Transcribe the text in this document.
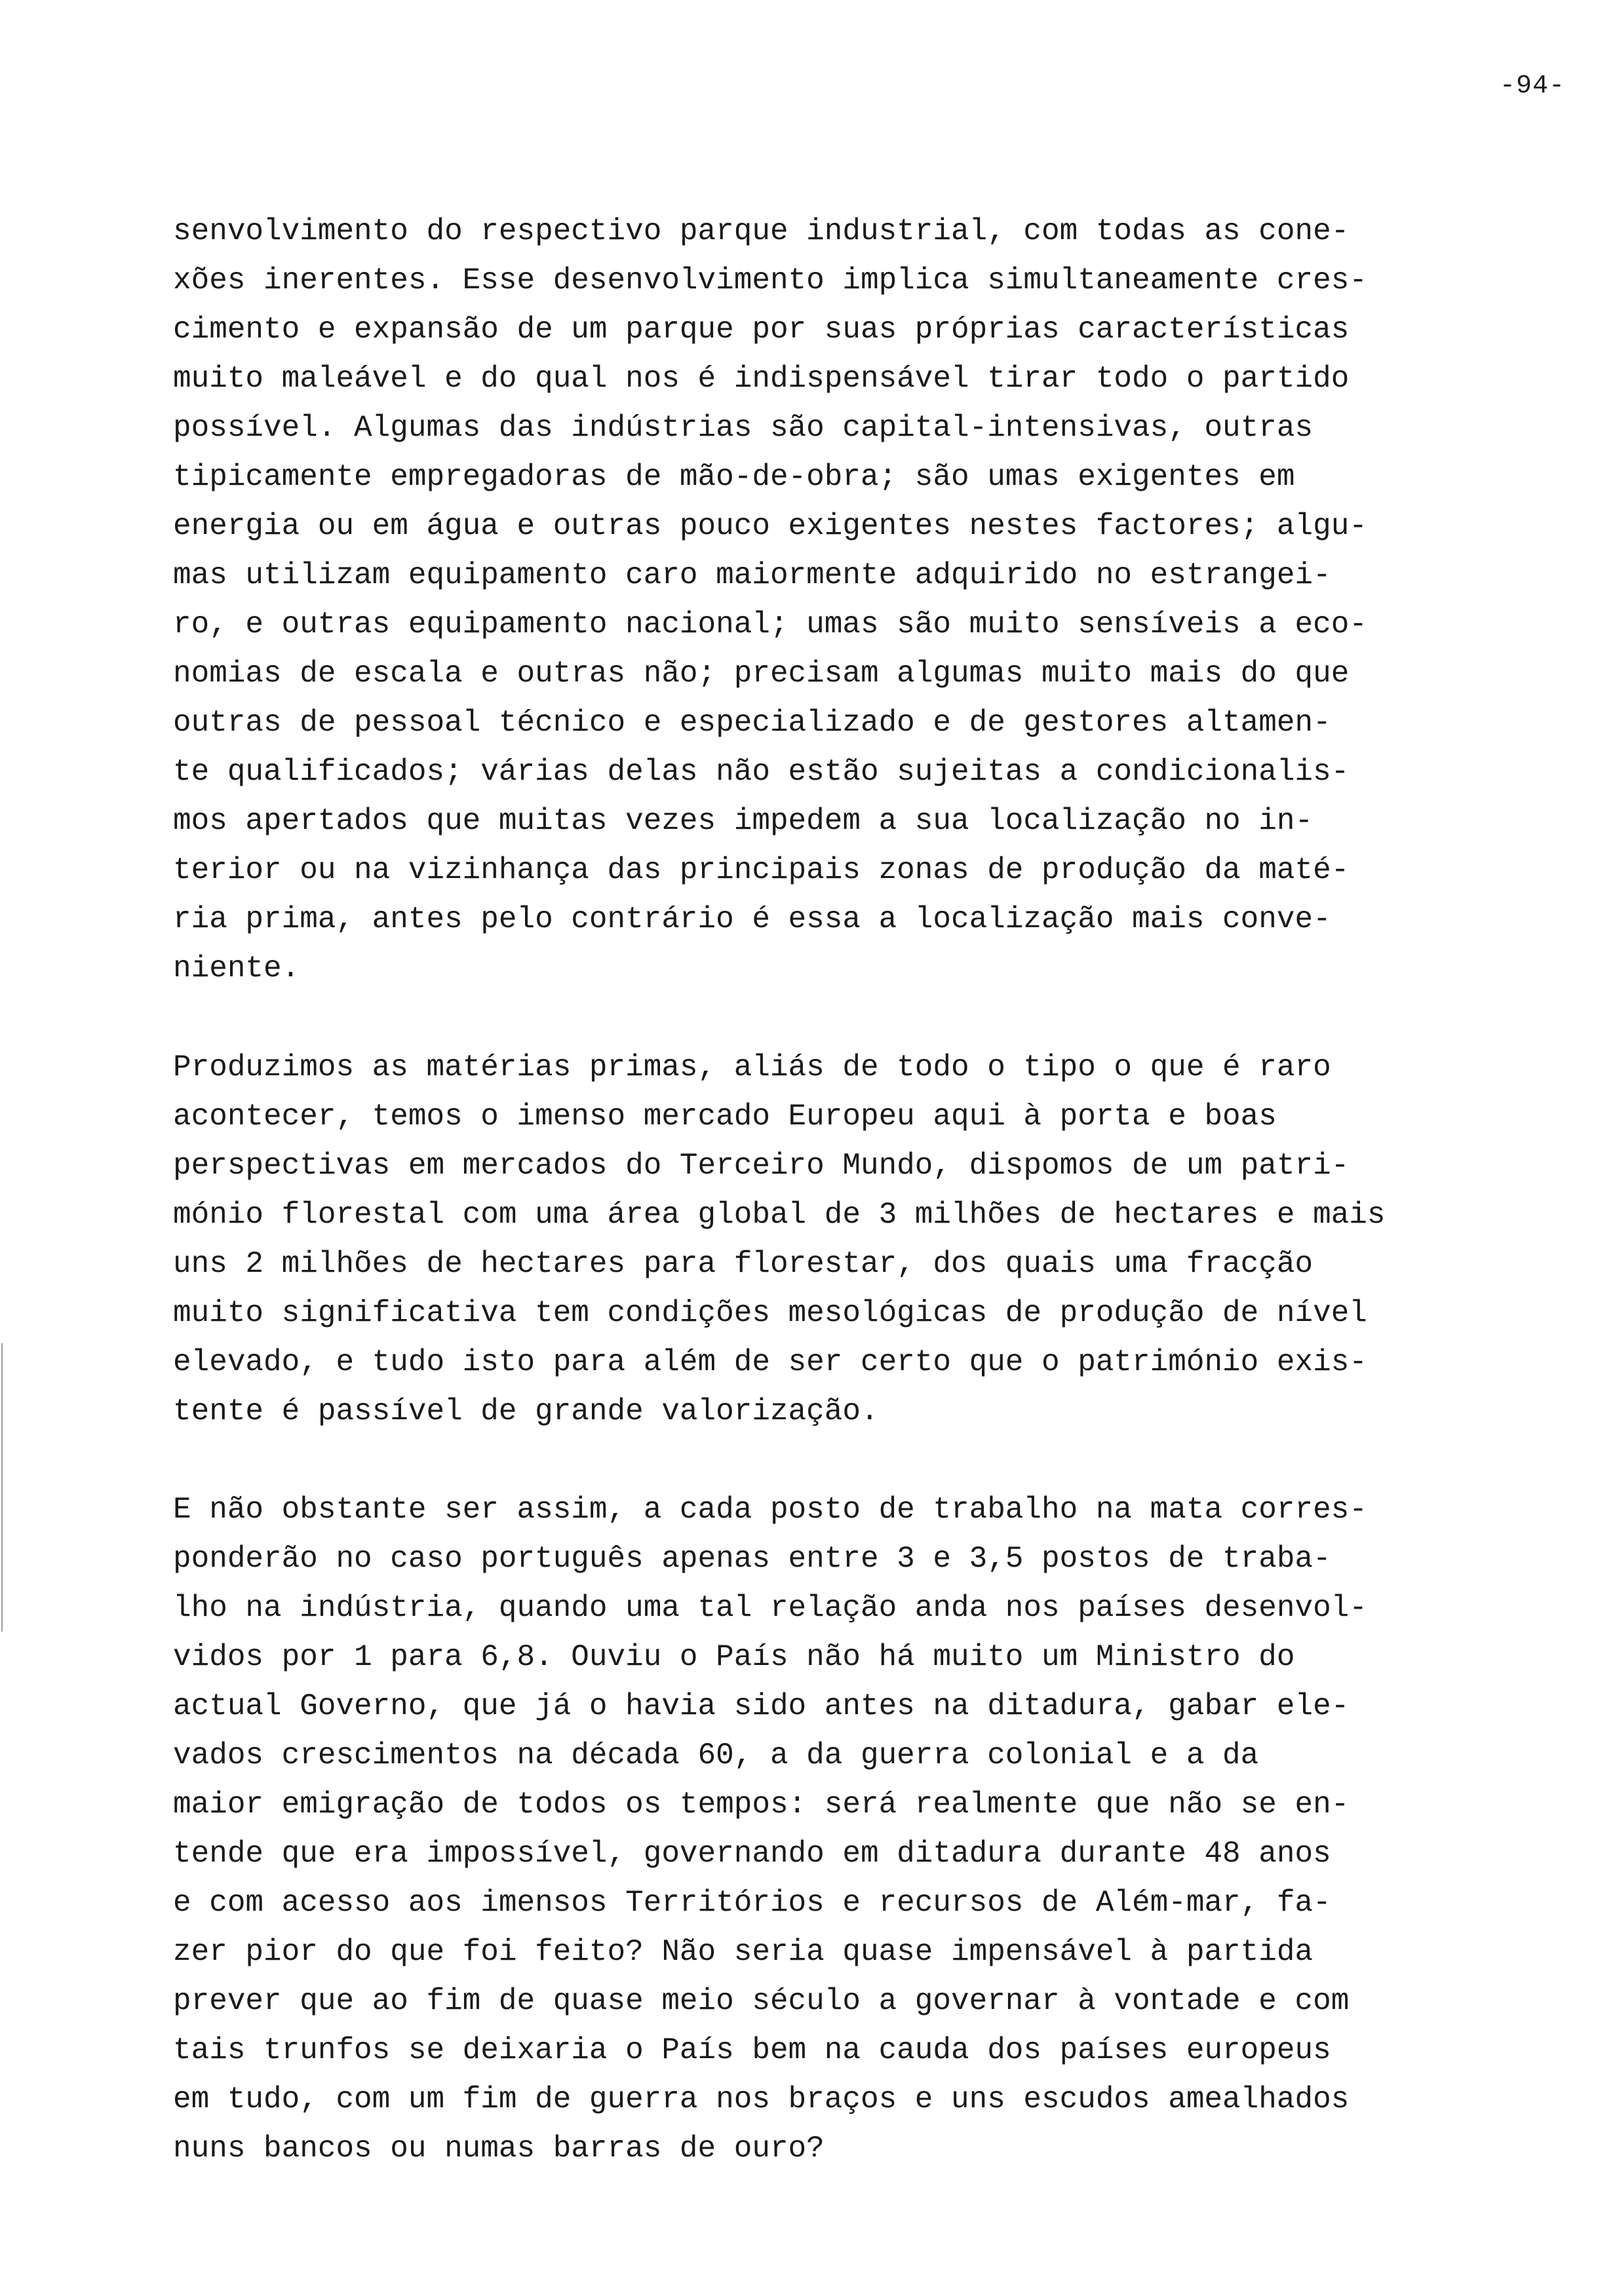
-94-
senvolvimento do respectivo parque industrial, com todas as cone-
xões inerentes. Esse desenvolvimento implica simultaneamente cres-
cimento e expansão de um parque por suas próprias características
muito maleável e do qual nos é indispensável tirar todo o partido
possível. Algumas das indústrias são capital-intensivas, outras
tipicamente empregadoras de mão-de-obra; são umas exigentes em
energia ou em água e outras pouco exigentes nestes factores; algu-
mas utilizam equipamento caro maiormente adquirido no estrangei-
ro, e outras equipamento nacional; umas são muito sensíveis a eco-
nomias de escala e outras não; precisam algumas muito mais do que
outras de pessoal técnico e especializado e de gestores altamen-
te qualificados; várias delas não estão sujeitas a condicionalis-
mos apertados que muitas vezes impedem a sua localização no in-
terior ou na vizinhança das principais zonas de produção da maté-
ria prima, antes pelo contrário é essa a localização mais conve-
niente.
Produzimos as matérias primas, aliás de todo o tipo o que é raro
acontecer, temos o imenso mercado Europeu aqui à porta e boas
perspectivas em mercados do Terceiro Mundo, dispomos de um patri-
mónio florestal com uma área global de 3 milhões de hectares e mais
uns 2 milhões de hectares para florestar, dos quais uma fracção
muito significativa tem condições mesológicas de produção de nível
elevado, e tudo isto para além de ser certo que o património exis-
tente é passível de grande valorização.
E não obstante ser assim, a cada posto de trabalho na mata corres-
ponderão no caso português apenas entre 3 e 3,5 postos de traba-
lho na indústria, quando uma tal relação anda nos países desenvol-
vidos por 1 para 6,8. Ouviu o País não há muito um Ministro do
actual Governo, que já o havia sido antes na ditadura, gabar ele-
vados crescimentos na década 60, a da guerra colonial e a da
maior emigração de todos os tempos: será realmente que não se en-
tende que era impossível, governando em ditadura durante 48 anos
e com acesso aos imensos Territórios e recursos de Além-mar, fa-
zer pior do que foi feito? Não seria quase impensável à partida
prever que ao fim de quase meio século a governar à vontade e com
tais trunfos se deixaria o País bem na cauda dos países europeus
em tudo, com um fim de guerra nos braços e uns escudos amealhados
nuns bancos ou numas barras de ouro?
